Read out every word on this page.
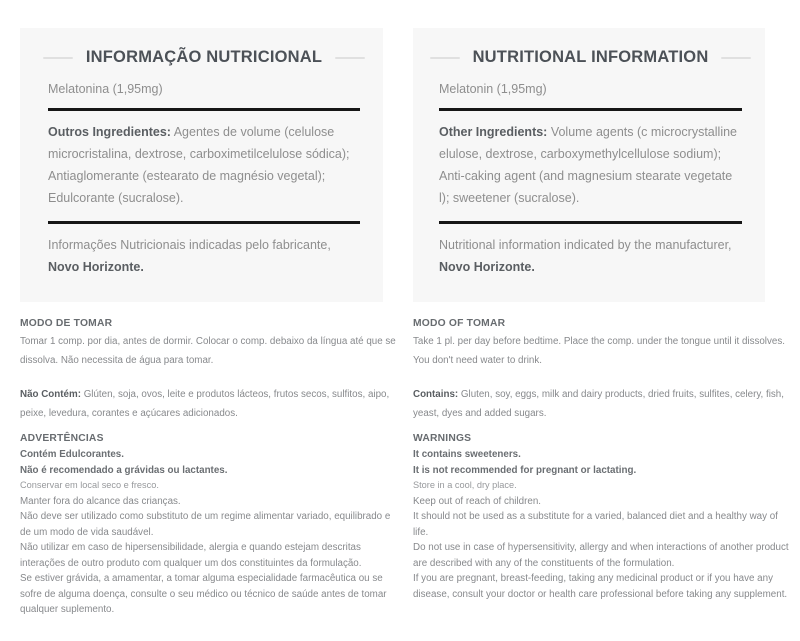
INFORMAÇÃO NUTRICIONAL

Melatonina (1,95mg)

Outros Ingredientes: Agentes de volume (celulose microcristalina, dextrose, carboximetilcelulose sódica); Antiaglomerante (estearato de magnésio vegetal); Edulcorante (sucralose).

Informações Nutricionais indicadas pelo fabricante, Novo Horizonte.

MODO DE TOMAR
Tomar 1 comp. por dia, antes de dormir. Colocar o comp. debaixo da língua até que se dissolva. Não necessita de água para tomar.
Não Contém: Glúten, soja, ovos, leite e produtos lácteos, frutos secos, sulfitos, aipo, peixe, levedura, corantes e açúcares adicionados.
ADVERTÊNCIAS
Contém Edulcorantes.
Não é recomendado a grávidas ou lactantes.
Conservar em local seco e fresco.
Manter fora do alcance das crianças.
Não deve ser utilizado como substituto de um regime alimentar variado, equilibrado e de um modo de vida saudável.
Não utilizar em caso de hipersensibilidade, alergia e quando estejam descritas interações de outro produto com qualquer um dos constituintes da formulação.
Se estiver grávida, a amamentar, a tomar alguma especialidade farmacêutica ou se sofre de alguma doença, consulte o seu médico ou técnico de saúde antes de tomar qualquer suplemento.
NUTRITIONAL INFORMATION

Melatonin (1,95mg)

Other Ingredients: Volume agents (c microcrystalline elulose, dextrose, carboxymethylcellulose sodium); Anti-caking agent (and magnesium stearate vegetate l); sweetener (sucralose).

Nutritional information indicated by the manufacturer, Novo Horizonte.

MODO OF TOMAR
Take 1 pl. per day before bedtime. Place the comp. under the tongue until it dissolves. You don't need water to drink.
Contains: Gluten, soy, eggs, milk and dairy products, dried fruits, sulfites, celery, fish, yeast, dyes and added sugars.
WARNINGS
It contains sweeteners.
It is not recommended for pregnant or lactating.
Store in a cool, dry place.
Keep out of reach of children.
It should not be used as a substitute for a varied, balanced diet and a healthy way of life.
Do not use in case of hypersensitivity, allergy and when interactions of another product are described with any of the constituents of the formulation.
If you are pregnant, breast-feeding, taking any medicinal product or if you have any disease, consult your doctor or health care professional before taking any supplement.
